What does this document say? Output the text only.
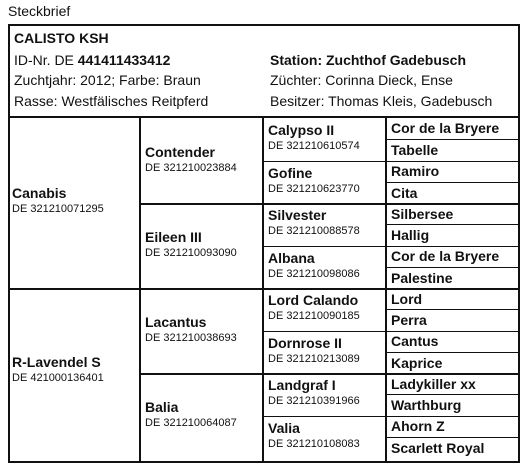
Steckbrief
CALISTO KSH
ID-Nr. DE 441411433412
Zuchtjahr: 2012; Farbe: Braun
Rasse: Westfälisches Reitpferd
Station: Zuchthof Gadebusch
Züchter: Corinna Dieck, Ense
Besitzer: Thomas Kleis, Gadebusch
Canabis
DE 321210071295
R-Lavendel S
DE 421000136401
Contender
DE 321210023884
Eileen III
DE 321210093090
Lacantus
DE 321210038693
Balia
DE 321210064087
Calypso II
DE 321210610574
Gofine
DE 321210623770
Silvester
DE 321210088578
Albana
DE 321210098086
Lord Calando
DE 321210090185
Dornrose II
DE 321210213089
Landgraf I
DE 321210391966
Valia
DE 321210108083
Cor de la Bryere
Tabelle
Ramiro
Cita
Silbersee
Hallig
Cor de la Bryere
Palestine
Lord
Perra
Cantus
Kaprice
Ladykiller xx
Warthburg
Ahorn Z
Scarlett Royal
